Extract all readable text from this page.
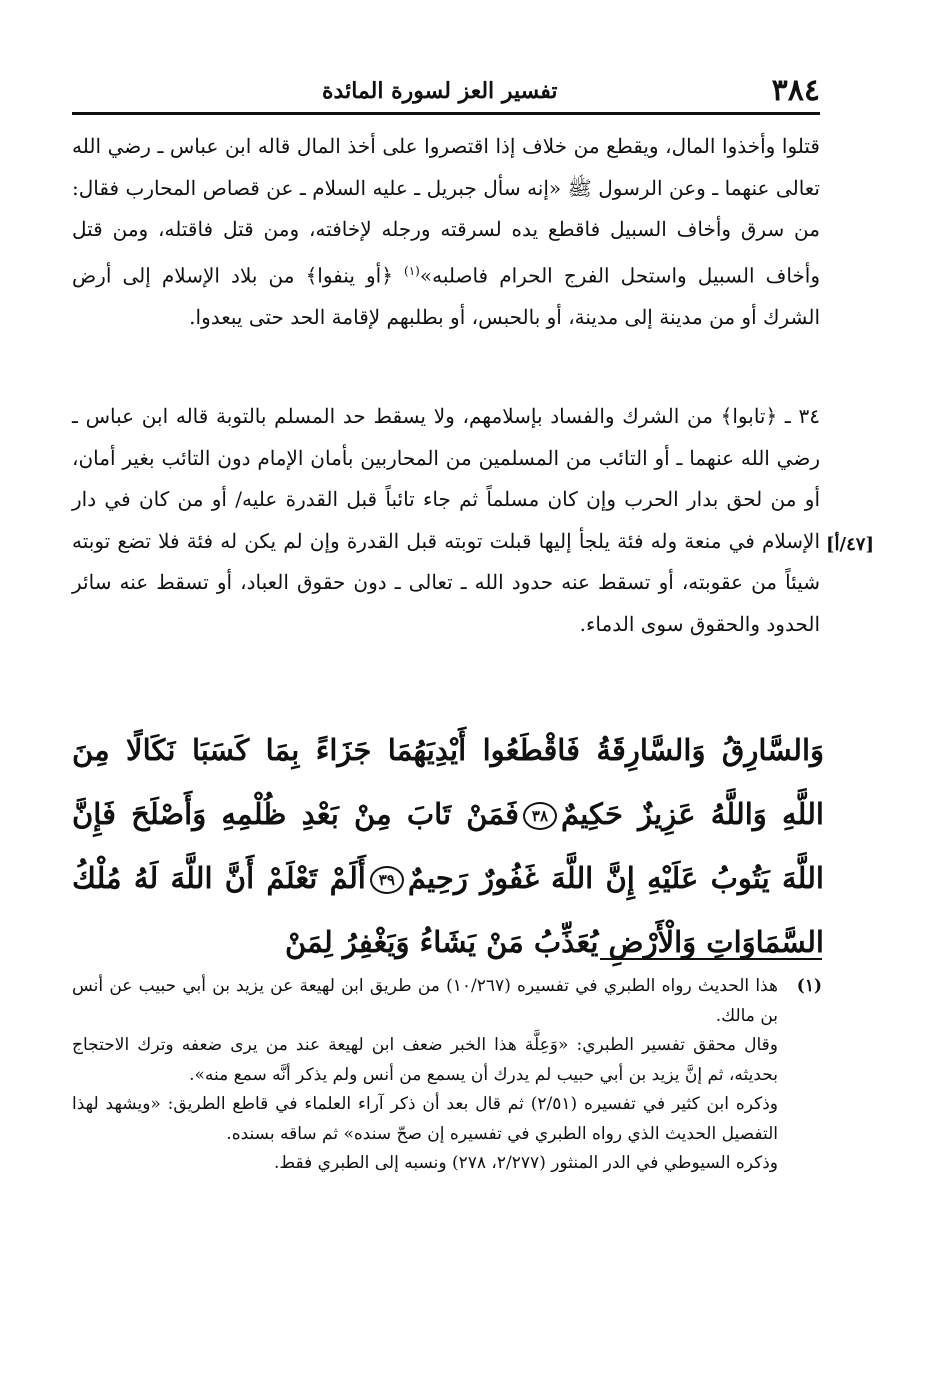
٣٨٤
تفسير العز لسورة المائدة

قتلوا وأخذوا المال، ويقطع من خلاف إذا اقتصروا على أخذ المال قاله ابن عباس ـ رضي الله تعالى عنهما ـ وعن الرسول ﷺ «إنه سأل جبريل ـ عليه السلام ـ عن قصاص المحارب فقال: من سرق وأخاف السبيل فاقطع يده لسرقته ورجله لإخافته، ومن قتل فاقتله، ومن قتل وأخاف السبيل واستحل الفرج الحرام فاصلبه»$^{(١)}$ ﴿أو ينفوا﴾ من بلاد الإسلام إلى أرض الشرك أو من مدينة إلى مدينة، أو بالحبس، أو بطلبهم لإقامة الحد حتى يبعدوا.

٣٤ ـ ﴿تابوا﴾ من الشرك والفساد بإسلامهم، ولا يسقط حد المسلم بالتوبة قاله ابن عباس ـ رضي الله عنهما ـ أو التائب من المسلمين من المحاربين بأمان الإمام دون التائب بغير أمان، أو من لحق بدار الحرب وإن كان مسلماً ثم جاء تائباً قبل القدرة عليه/ أو من كان في دار الإسلام في منعة وله فئة يلجأ إليها قبلت توبته قبل القدرة وإن لم يكن له فئة فلا تضع توبته شيئاً من عقوبته، أو تسقط عنه حدود الله ـ تعالى ـ دون حقوق العباد، أو تسقط عنه سائر الحدود والحقوق سوى الدماء.

[٤٧/أ]

وَالسَّارِقُ وَالسَّارِقَةُ فَاقْطَعُوا أَيْدِيَهُمَا جَزَاءً بِمَا كَسَبَا نَكَالًا مِنَ اللَّهِ وَاللَّهُ عَزِيزٌ حَكِيمٌ٣٨فَمَنْ تَابَ مِنْ بَعْدِ ظُلْمِهِ وَأَصْلَحَ فَإِنَّ اللَّهَ يَتُوبُ عَلَيْهِ إِنَّ اللَّهَ غَفُورٌ رَحِيمٌ٣٩أَلَمْ تَعْلَمْ أَنَّ اللَّهَ لَهُ مُلْكُ السَّمَاوَاتِ وَالْأَرْضِ يُعَذِّبُ مَنْ يَشَاءُ وَيَغْفِرُ لِمَنْ

(١)

هذا الحديث رواه الطبري في تفسيره (١٠/٢٦٧) من طريق ابن لهيعة عن يزيد بن أبي حبيب عن أنس بن مالك.

وقال محقق تفسير الطبري: «وَعِلَّة هذا الخبر ضعف ابن لهيعة عند من يرى ضعفه وترك الاحتجاج بحديثه، ثم إنَّ يزيد بن أبي حبيب لم يدرك أن يسمع من أنس ولم يذكر أنَّه سمع منه».

وذكره ابن كثير في تفسيره (٢/٥١) ثم قال بعد أن ذكر آراء العلماء في قاطع الطريق: «ويشهد لهذا التفصيل الحديث الذي رواه الطبري في تفسيره إن صحّ سنده» ثم ساقه بسنده.

وذكره السيوطي في الدر المنثور (٢/٢٧٧، ٢٧٨) ونسبه إلى الطبري فقط.
